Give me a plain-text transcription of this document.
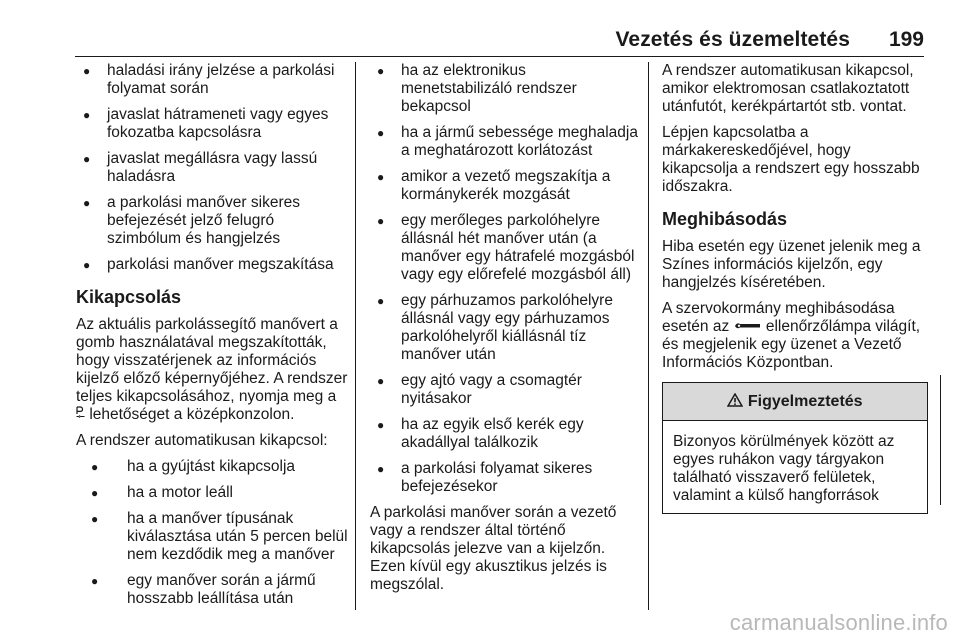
Vezetés és üzemeltetés 199
● haladási irány jelzése a parkolási folyamat során
● javaslat hátrameneti vagy egyes fokozatba kapcsolásra
● javaslat megállásra vagy lassú haladásra
● a parkolási manőver sikeres befejezését jelző felugró szimbólum és hangjelzés
● parkolási manőver megszakítása
Kikapcsolás
Az aktuális parkolássegítő manővert a gomb használatával megszakították, hogy visszatérjenek az információs kijelző előző képernyőjéhez. A rendszer teljes kikapcsolásához, nyomja meg a  lehetőséget a középkonzolon.
A rendszer automatikusan kikapcsol:
● ha a gyújtást kikapcsolja
● ha a motor leáll
● ha a manőver típusának kiválasztása után 5 percen belül nem kezdődik meg a manőver
● egy manőver során a jármű hosszabb leállítása után
● ha az elektronikus menetstabilizáló rendszer bekapcsol
● ha a jármű sebessége meghaladja a meghatározott korlátozást
● amikor a vezető megszakítja a kormánykerék mozgását
● egy merőleges parkolóhelyre állásnál hét manőver után (a manőver egy hátrafelé mozgásból vagy egy előrefelé mozgásból áll)
● egy párhuzamos parkolóhelyre állásnál vagy egy párhuzamos parkolóhelyről kiállásnál tíz manőver után
● egy ajtó vagy a csomagtér nyitásakor
● ha az egyik első kerék egy akadállyal találkozik
● a parkolási folyamat sikeres befejezésekor
A parkolási manőver során a vezető vagy a rendszer által történő kikapcsolás jelezve van a kijelzőn. Ezen kívül egy akusztikus jelzés is megszólal.
A rendszer automatikusan kikapcsol, amikor elektromosan csatlakoztatott utánfutót, kerékpártartót stb. vontat.
Lépjen kapcsolatba a márkakereskedőjével, hogy kikapcsolja a rendszert egy hosszabb időszakra.
Meghibásodás
Hiba esetén egy üzenet jelenik meg a Színes információs kijelzőn, egy hangjelzés kíséretében.
A szervokormány meghibásodása esetén az ellenőrzőlámpa világít, és megjelenik egy üzenet a Vezető Információs Központban.
Figyelmeztetés
Bizonyos körülmények között az egyes ruhákon vagy tárgyakon található visszaverő felületek, valamint a külső hangforrások
carmanualsonline.info
